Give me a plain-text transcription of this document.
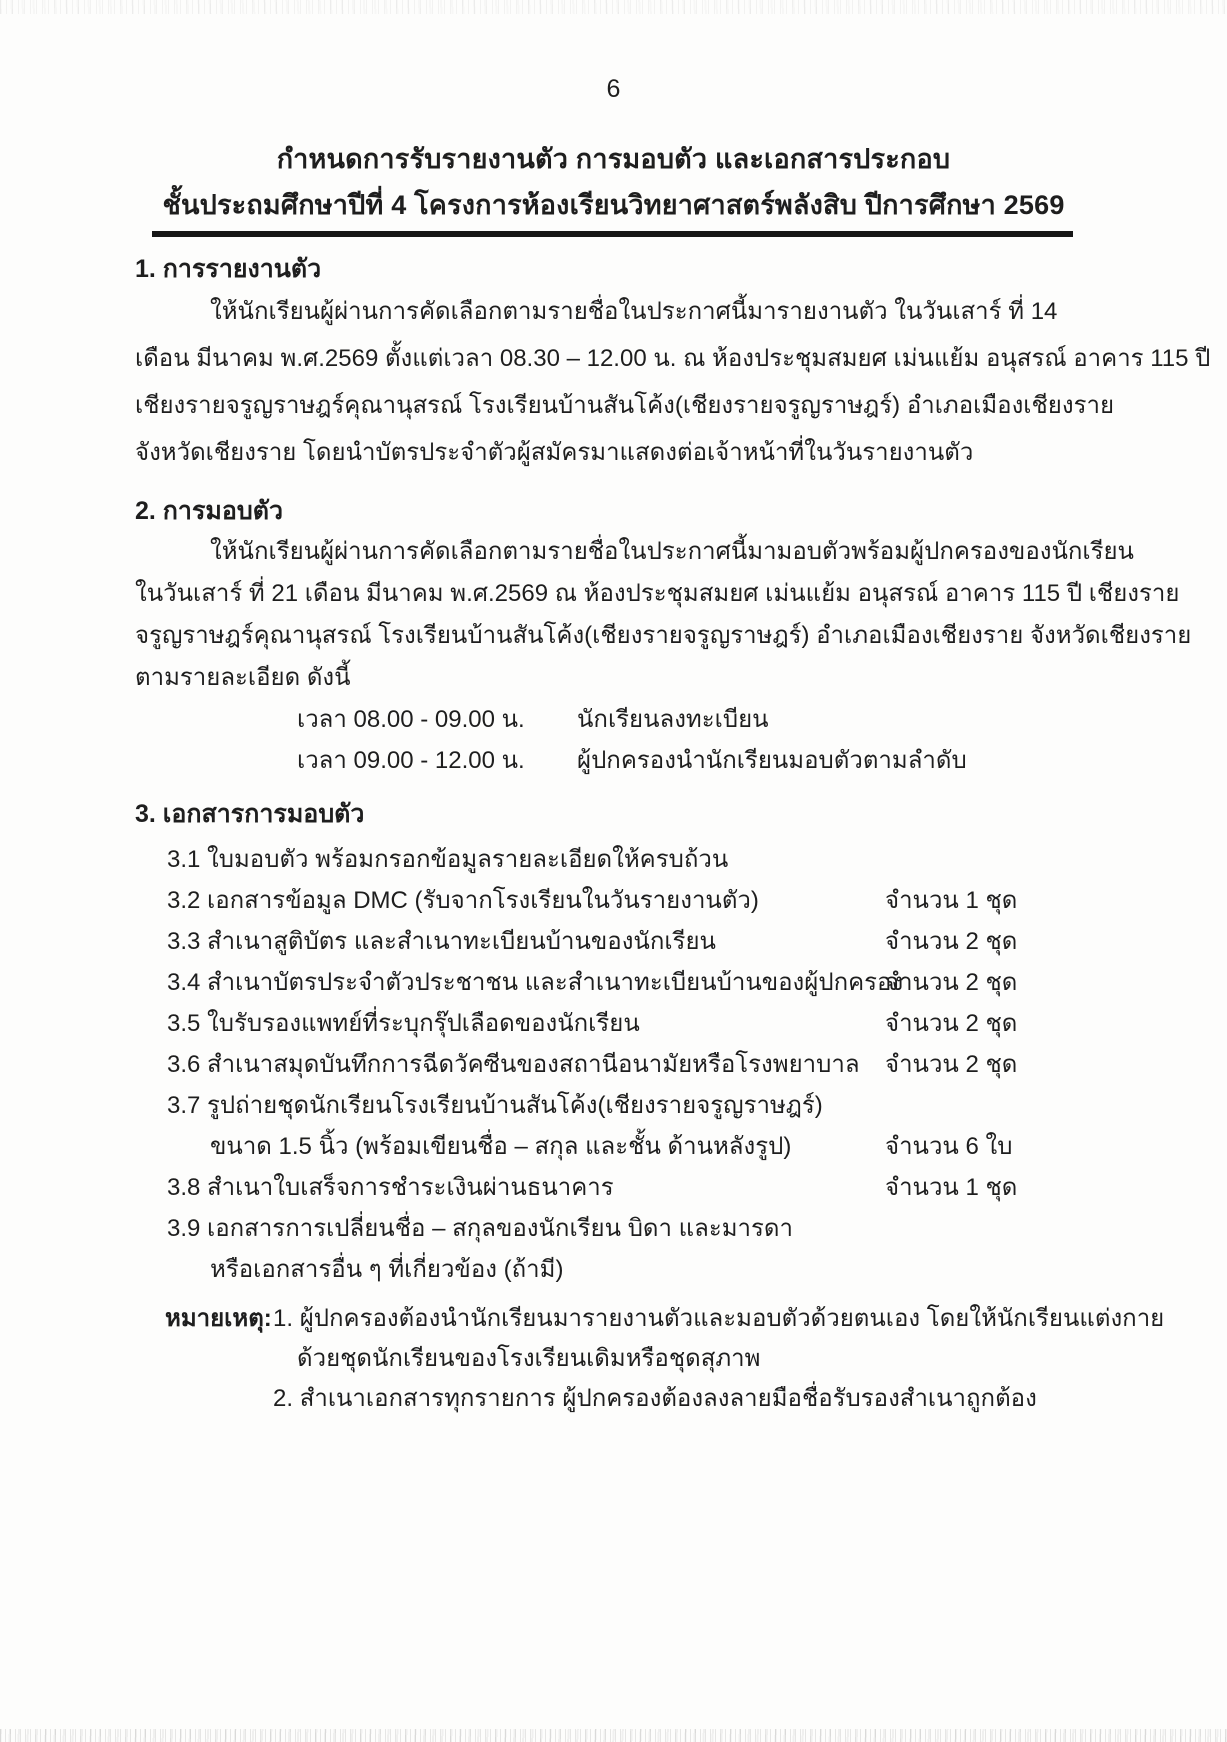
6
กำหนดการรับรายงานตัว การมอบตัว และเอกสารประกอบ
ชั้นประถมศึกษาปีที่ 4 โครงการห้องเรียนวิทยาศาสตร์พลังสิบ ปีการศึกษา 2569
1. การรายงานตัว
ให้นักเรียนผู้ผ่านการคัดเลือกตามรายชื่อในประกาศนี้มารายงานตัว ในวันเสาร์ ที่ 14
เดือน มีนาคม พ.ศ.2569 ตั้งแต่เวลา 08.30 – 12.00 น. ณ ห้องประชุมสมยศ เม่นแย้ม อนุสรณ์ อาคาร 115 ปี
เชียงรายจรูญราษฎร์คุณานุสรณ์ โรงเรียนบ้านสันโค้ง(เชียงรายจรูญราษฎร์) อำเภอเมืองเชียงราย
จังหวัดเชียงราย โดยนำบัตรประจำตัวผู้สมัครมาแสดงต่อเจ้าหน้าที่ในวันรายงานตัว
2. การมอบตัว
ให้นักเรียนผู้ผ่านการคัดเลือกตามรายชื่อในประกาศนี้มามอบตัวพร้อมผู้ปกครองของนักเรียน
ในวันเสาร์ ที่ 21 เดือน มีนาคม พ.ศ.2569 ณ ห้องประชุมสมยศ เม่นแย้ม อนุสรณ์ อาคาร 115 ปี เชียงราย
จรูญราษฎร์คุณานุสรณ์ โรงเรียนบ้านสันโค้ง(เชียงรายจรูญราษฎร์) อำเภอเมืองเชียงราย จังหวัดเชียงราย
ตามรายละเอียด ดังนี้
เวลา 08.00 - 09.00 น. นักเรียนลงทะเบียน
เวลา 09.00 - 12.00 น. ผู้ปกครองนำนักเรียนมอบตัวตามลำดับ
3. เอกสารการมอบตัว
3.1 ใบมอบตัว พร้อมกรอกข้อมูลรายละเอียดให้ครบถ้วน
3.2 เอกสารข้อมูล DMC (รับจากโรงเรียนในวันรายงานตัว)	จำนวน 1 ชุด
3.3 สำเนาสูติบัตร และสำเนาทะเบียนบ้านของนักเรียน	จำนวน 2 ชุด
3.4 สำเนาบัตรประจำตัวประชาชน และสำเนาทะเบียนบ้านของผู้ปกครอง
จำนวน 2 ชุด
3.5 ใบรับรองแพทย์ที่ระบุกรุ๊ปเลือดของนักเรียน	จำนวน 2 ชุด
3.6 สำเนาสมุดบันทึกการฉีดวัคซีนของสถานีอนามัยหรือโรงพยาบาล จำนวน 2 ชุด
3.7 รูปถ่ายชุดนักเรียนโรงเรียนบ้านสันโค้ง(เชียงรายจรูญราษฎร์)
ขนาด 1.5 นิ้ว (พร้อมเขียนชื่อ – สกุล และชั้น ด้านหลังรูป)	จำนวน 6 ใบ
3.8 สำเนาใบเสร็จการชำระเงินผ่านธนาคาร	จำนวน 1 ชุด
3.9 เอกสารการเปลี่ยนชื่อ – สกุลของนักเรียน บิดา และมารดา
หรือเอกสารอื่น ๆ ที่เกี่ยวข้อง (ถ้ามี)
หมายเหตุ: 1. ผู้ปกครองต้องนำนักเรียนมารายงานตัวและมอบตัวด้วยตนเอง โดยให้นักเรียนแต่งกาย
ด้วยชุดนักเรียนของโรงเรียนเดิมหรือชุดสุภาพ
2. สำเนาเอกสารทุกรายการ ผู้ปกครองต้องลงลายมือชื่อรับรองสำเนาถูกต้อง
